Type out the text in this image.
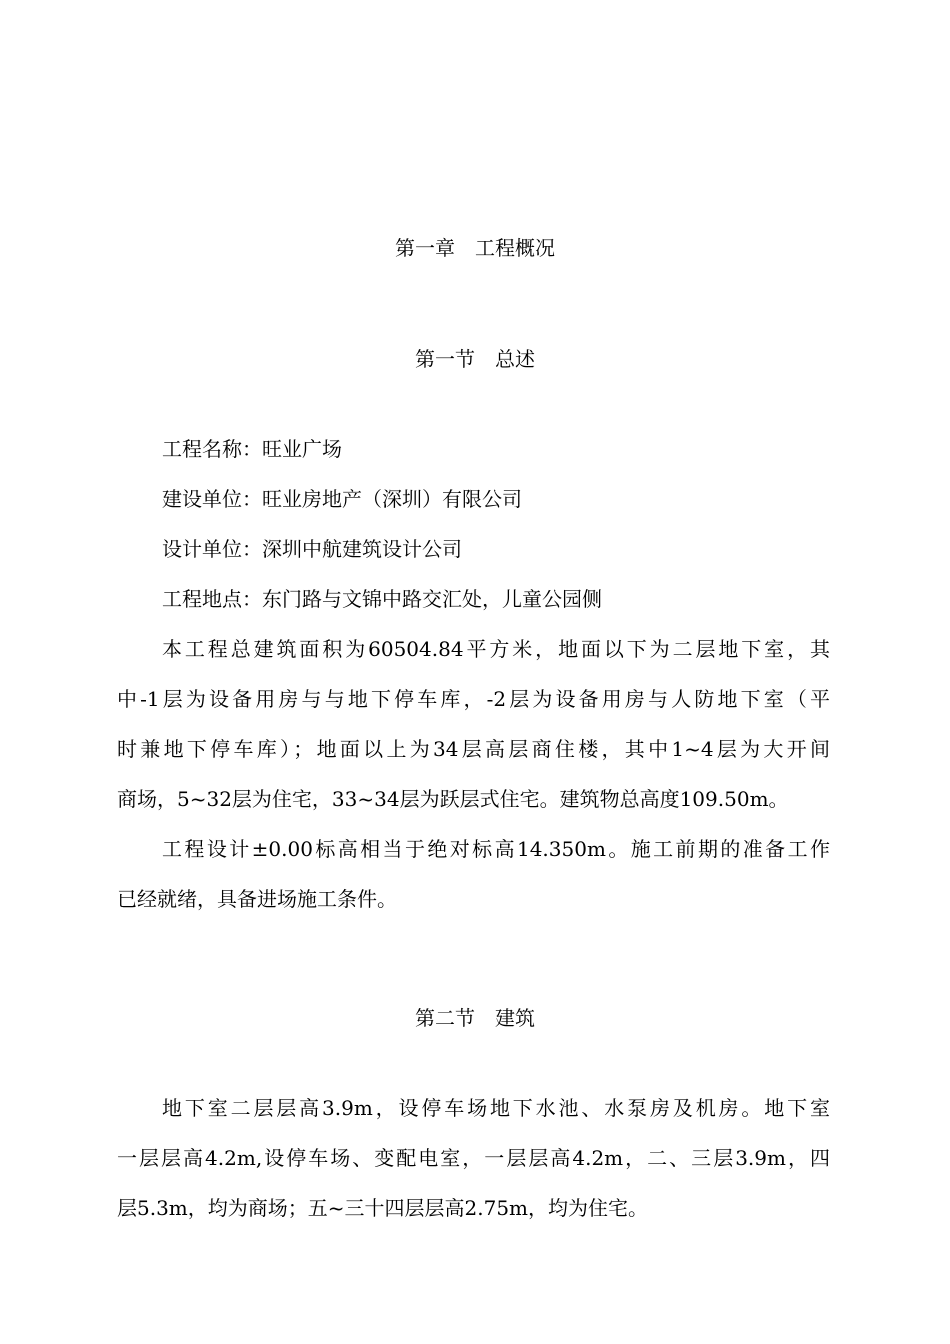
第一章　工程概况
第一节　总述
工程名称：旺业广场
建设单位：旺业房地产（深圳）有限公司
设计单位：深圳中航建筑设计公司
工程地点：东门路与文锦中路交汇处，儿童公园侧
本工程总建筑面积为60504.84平方米，地面以下为二层地下室，其
中-1层为设备用房与与地下停车库，-2层为设备用房与人防地下室（平
时兼地下停车库）；地面以上为34层高层商住楼，其中1~4层为大开间
商场，5~32层为住宅，33~34层为跃层式住宅。建筑物总高度109.50m。
工程设计±0.00标高相当于绝对标高14.350m。施工前期的准备工作
已经就绪，具备进场施工条件。
第二节　建筑
地下室二层层高3.9m，设停车场地下水池、水泵房及机房。地下室
一层层高4.2m,设停车场、变配电室，一层层高4.2m，二、三层3.9m，四
层5.3m，均为商场；五~三十四层层高2.75m，均为住宅。
